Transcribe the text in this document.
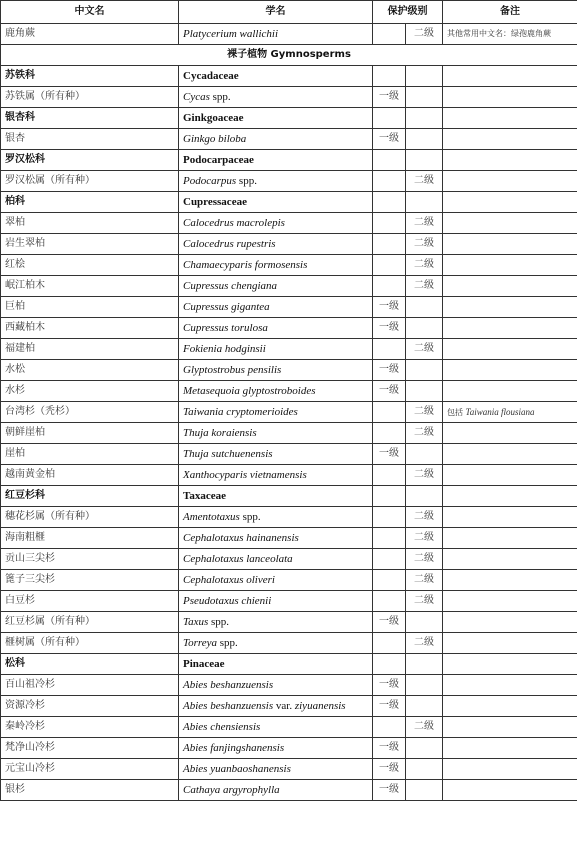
中文名	学名	保护级别		备注
鹿角蕨	Platycerium wallichii		二级	其他常用中文名：绿孢鹿角蕨
裸子植物 Gymnosperms				
苏铁科	Cycadaceae			
苏铁属（所有种）	Cycas spp.	一级		
银杏科	Ginkgoaceae			
银杏	Ginkgo biloba	一级		
罗汉松科	Podocarpaceae			
罗汉松属（所有种）	Podocarpus spp.		二级	
柏科	Cupressaceae			
翠柏	Calocedrus macrolepis		二级	
岩生翠柏	Calocedrus rupestris		二级	
红桧	Chamaecyparis formosensis		二级	
岷江柏木	Cupressus chengiana		二级	
巨柏	Cupressus gigantea	一级		
西藏柏木	Cupressus torulosa	一级		
福建柏	Fokienia hodginsii		二级	
水松	Glyptostrobus pensilis	一级		
水杉	Metasequoia glyptostroboides	一级		
台湾杉（秃杉）	Taiwania cryptomerioides		二级	包括 Taiwania flousiana
朝鲜崖柏	Thuja koraiensis		二级	
崖柏	Thuja sutchuenensis	一级		
越南黄金柏	Xanthocyparis vietnamensis		二级	
红豆杉科	Taxaceae			
穗花杉属（所有种）	Amentotaxus spp.		二级	
海南粗榧	Cephalotaxus hainanensis		二级	
贡山三尖杉	Cephalotaxus lanceolata		二级	
篦子三尖杉	Cephalotaxus oliveri		二级	
白豆杉	Pseudotaxus chienii		二级	
红豆杉属（所有种）	Taxus spp.	一级		
榧树属（所有种）	Torreya spp.		二级	
松科	Pinaceae			
百山祖冷杉	Abies beshanzuensis	一级		
资源冷杉	Abies beshanzuensis var. ziyuanensis	一级		
秦岭冷杉	Abies chensiensis		二级	
梵净山冷杉	Abies fanjingshanensis	一级		
元宝山冷杉	Abies yuanbaoshanensis	一级		
银杉	Cathaya argyrophylla	一级		
